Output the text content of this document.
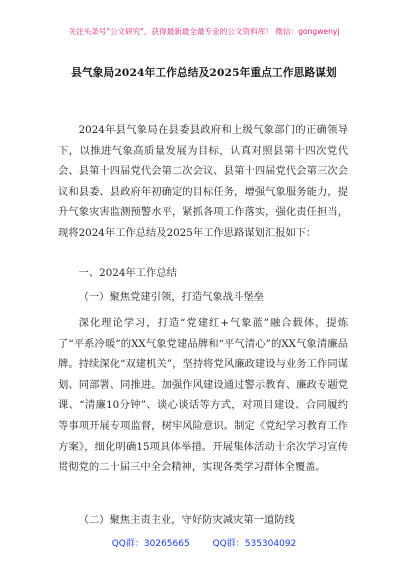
关注头条号"公文研究"，获得最新最全最专业的公文资料库！ 微信：gongwenyj
县气象局2024年工作总结及2025年重点工作思路谋划

2024年县气象局在县委县政府和上级气象部门的正确领导下，以推进气象高质量发展为目标，认真对照县第十四次党代会、县第十四届党代会第二次会议、县第十四届党代会第三次会议和县委、县政府年初确定的目标任务，增强气象服务能力，提升气象灾害监测预警水平，紧抓各项工作落实，强化责任担当，现将2024年工作总结及2025年工作思路谋划汇报如下：

一、2024年工作总结

（一）聚焦党建引领，打造气象战斗堡垒

深化理论学习，打造“党建红+气象蓝”融合载体，提炼了“平系冷暖”的XX气象党建品牌和“平气清心”的XX气象清廉品牌。持续深化“双建机关”，坚持将党风廉政建设与业务工作同谋划、同部署、同推进。加强作风建设通过警示教育、廉政专题党课、“清廉10分钟”、谈心谈话等方式，对项目建设、合同履约等事项开展专项监督，树牢风险意识。制定《党纪学习教育工作方案》，细化明确15项具体举措。开展集体活动十余次学习宣传贯彻党的二十届三中全会精神，实现各类学习群体全覆盖。

（二）聚焦主责主业，守好防灾减灾第一道防线

QQ群：30265665	QQ群：535304092
